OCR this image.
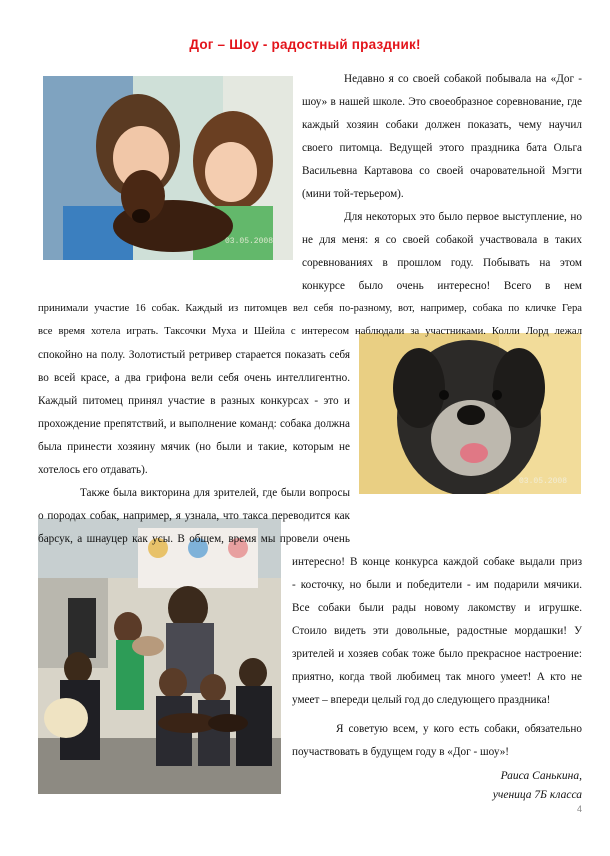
Дог – Шоу - радостный праздник!
03.05.2008
03.05.2008
Недавно я со своей собакой побывала на «Дог -
шоу» в нашей школе. Это своеобразное соревнование, где
каждый хозяин собаки должен показать, чему научил
своего питомца. Ведущей этого праздника бaта Ольга
Васильевна Картавова со своей очаровательной Мэгти
(мини той-терьером).
Для некоторых это было первое выступление, но
не для меня: я со своей собакой участвовала в таких
соревнованиях в прошлом году. Побывать на этом
конкурсе было очень интересно! Всего в нем
принимали участие 16 собак. Каждый из питомцев вел себя по-разному, вот, например, собака по кличке Гера
все время хотела играть. Таксочки Муха и Шейла с интересом наблюдали за участниками. Колли Лорд лежал
спокойно на полу. Золотистый ретривер старается показать себя
во всей красе, а два грифона вели себя очень интеллигентно.
Каждый питомец принял участие в разных конкурсах - это и
прохождение препятствий, и выполнение команд: собака должна
была принести хозяину мячик (но были и такие, которым не
хотелось его отдавать).
Также была викторина для зрителей, где были вопросы
о породах собак, например, я узнала, что такса переводится как
барсук, а шнауцер как усы. В общем, время мы провели очень
интересно! В конце конкурса каждой собаке выдали приз
- косточку, но были и победители - им подарили мячики.
Все собаки были рады новому лакомству и игрушке.
Стоило видеть эти довольные, радостные мордашки! У
зрителей и хозяев собак тоже было прекрасное настроение:
приятно, когда твой любимец так много умеет! А кто не
умеет – впереди целый год до следующего праздника!
Я советую всем, у кого есть собаки, обязательно
поучаствовать в будущем году в «Дог - шоу»!
Раиса Санькина,
ученица 7Б класса
4
